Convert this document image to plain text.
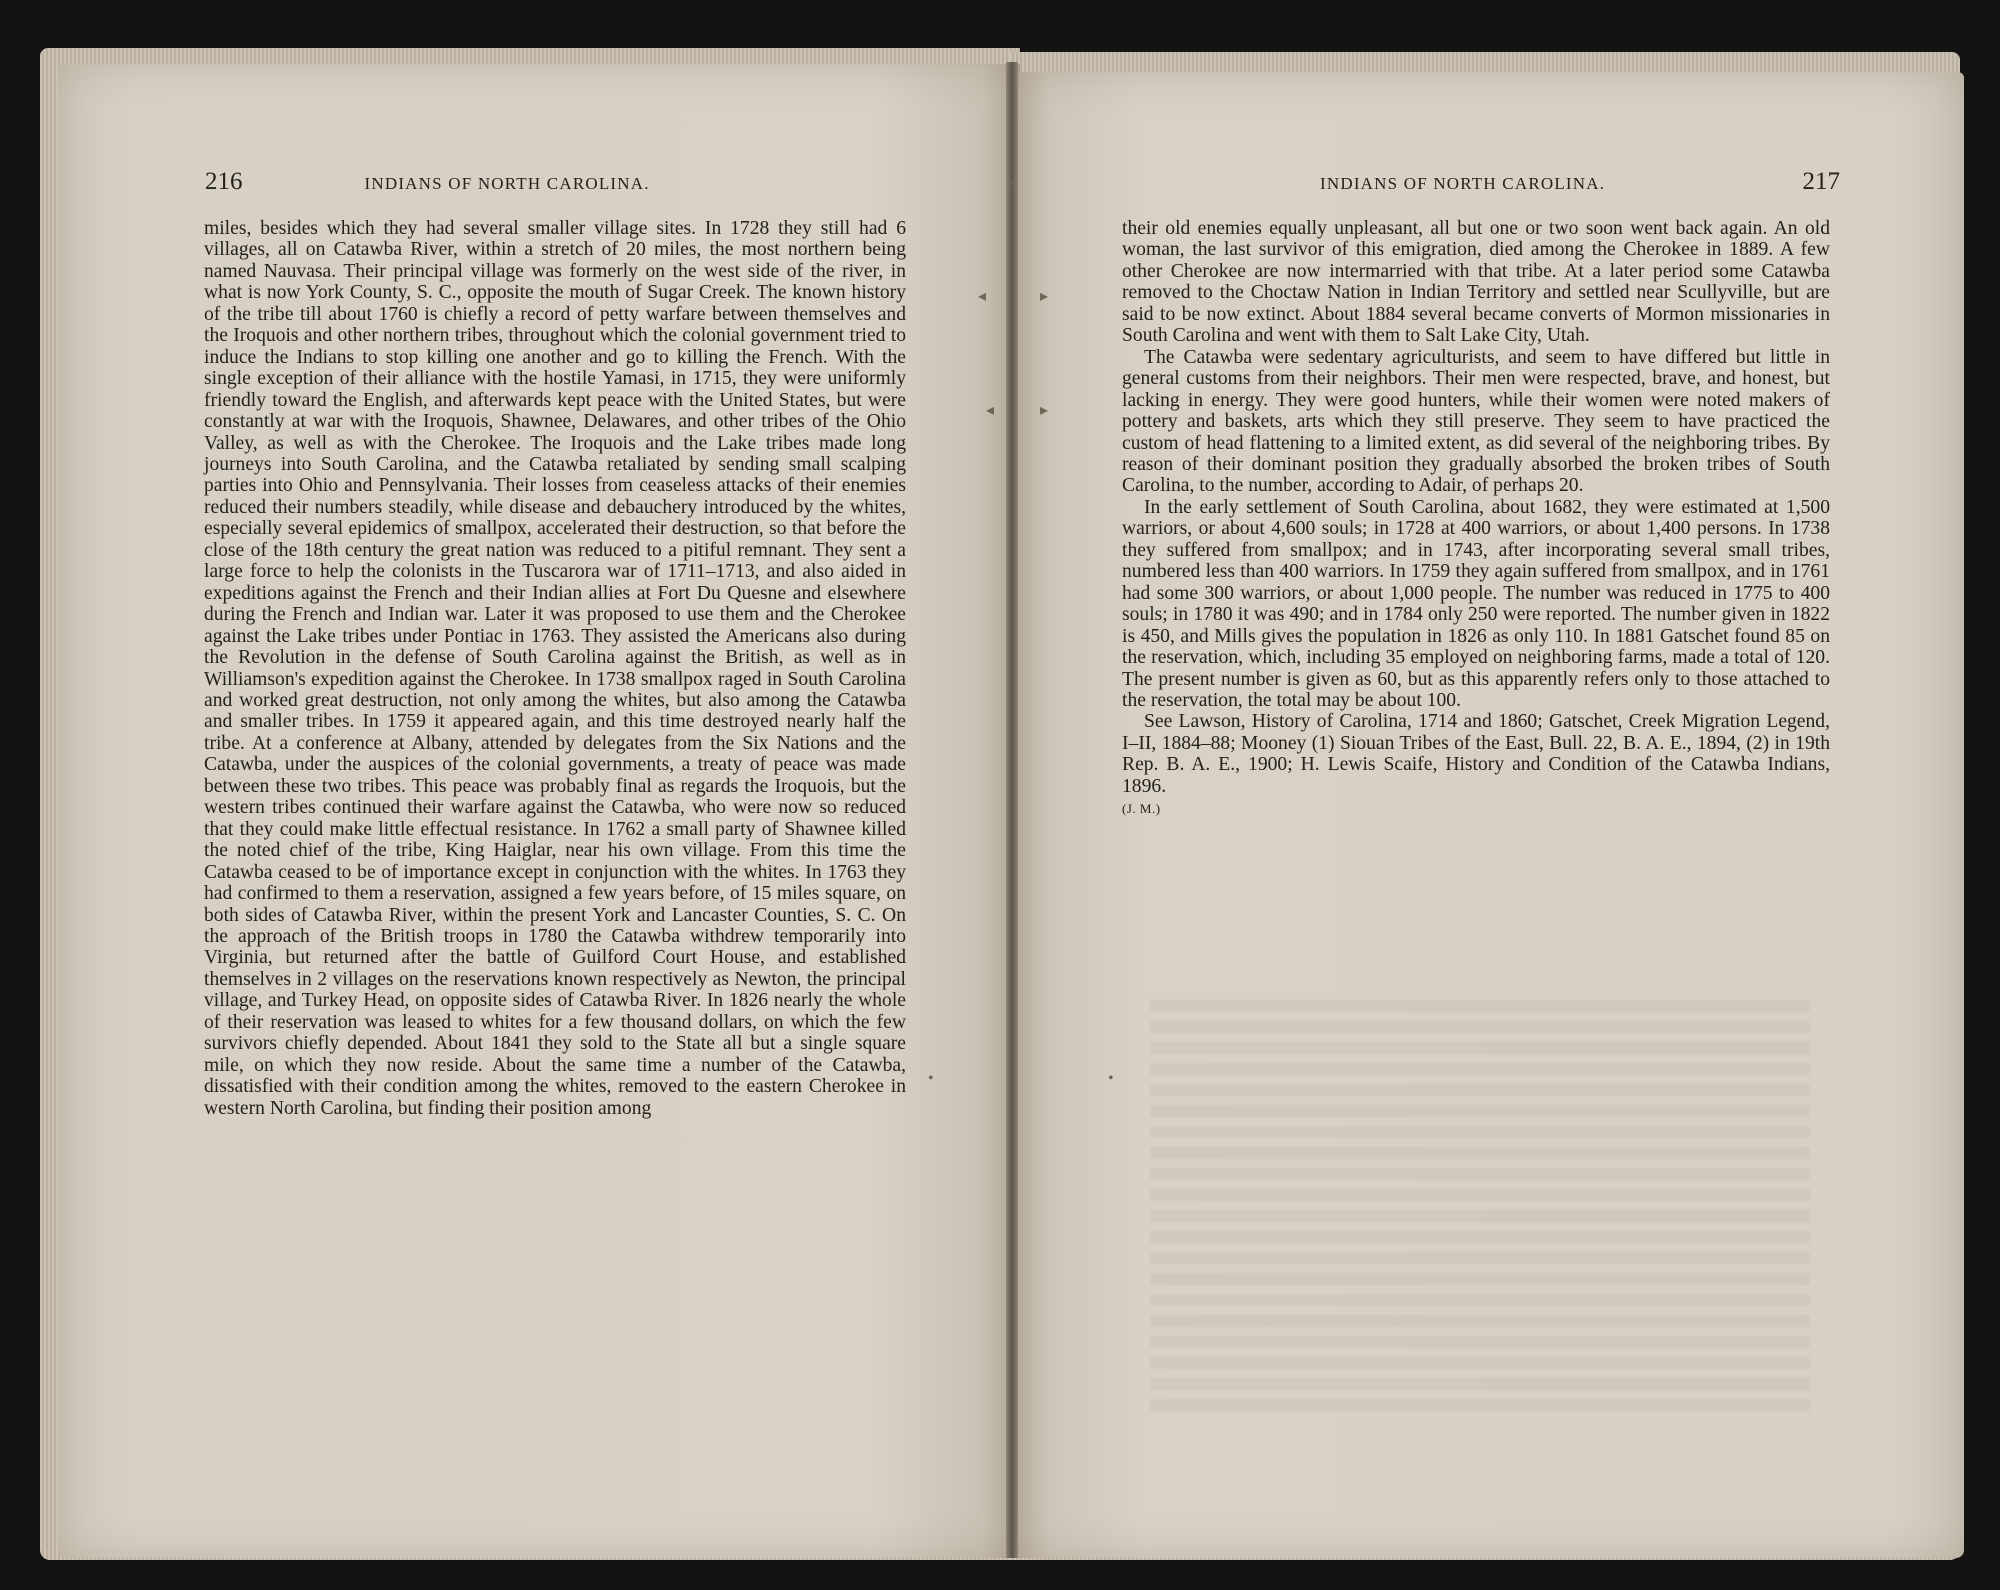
216	INDIANS OF NORTH CAROLINA.	INDIANS OF NORTH CAROLINA.	217

miles, besides which they had several smaller village sites. In 1728 they still had 6 villages, all on Catawba River, within a stretch of 20 miles, the most northern being named Nauvasa. Their principal village was formerly on the west side of the river, in what is now York County, S. C., opposite the mouth of Sugar Creek. The known history of the tribe till about 1760 is chiefly a record of petty warfare between themselves and the Iroquois and other northern tribes, throughout which the colonial government tried to induce the Indians to stop killing one another and go to killing the French. With the single exception of their alliance with the hostile Yamasi, in 1715, they were uniformly friendly toward the English, and afterwards kept peace with the United States, but were constantly at war with the Iroquois, Shawnee, Delawares, and other tribes of the Ohio Valley, as well as with the Cherokee. The Iroquois and the Lake tribes made long journeys into South Carolina, and the Catawba retaliated by sending small scalping parties into Ohio and Pennsylvania. Their losses from ceaseless attacks of their enemies reduced their numbers steadily, while disease and debauchery introduced by the whites, especially several epidemics of smallpox, accelerated their destruction, so that before the close of the 18th century the great nation was reduced to a pitiful remnant. They sent a large force to help the colonists in the Tuscarora war of 1711–1713, and also aided in expeditions against the French and their Indian allies at Fort Du Quesne and elsewhere during the French and Indian war. Later it was proposed to use them and the Cherokee against the Lake tribes under Pontiac in 1763. They assisted the Americans also during the Revolution in the defense of South Carolina against the British, as well as in Williamson's expedition against the Cherokee. In 1738 smallpox raged in South Carolina and worked great destruction, not only among the whites, but also among the Catawba and smaller tribes. In 1759 it appeared again, and this time destroyed nearly half the tribe. At a conference at Albany, attended by delegates from the Six Nations and the Catawba, under the auspices of the colonial governments, a treaty of peace was made between these two tribes. This peace was probably final as regards the Iroquois, but the western tribes continued their warfare against the Catawba, who were now so reduced that they could make little effectual resistance. In 1762 a small party of Shawnee killed the noted chief of the tribe, King Haiglar, near his own village. From this time the Catawba ceased to be of importance except in conjunction with the whites. In 1763 they had confirmed to them a reservation, assigned a few years before, of 15 miles square, on both sides of Catawba River, within the present York and Lancaster Counties, S. C. On the approach of the British troops in 1780 the Catawba withdrew temporarily into Virginia, but returned after the battle of Guilford Court House, and established themselves in 2 villages on the reservations known respectively as Newton, the principal village, and Turkey Head, on opposite sides of Catawba River. In 1826 nearly the whole of their reservation was leased to whites for a few thousand dollars, on which the few survivors chiefly depended. About 1841 they sold to the State all but a single square mile, on which they now reside. About the same time a number of the Catawba, dissatisfied with their condition among the whites, removed to the eastern Cherokee in western North Carolina, but finding their position among

their old enemies equally unpleasant, all but one or two soon went back again. An old woman, the last survivor of this emigration, died among the Cherokee in 1889. A few other Cherokee are now intermarried with that tribe. At a later period some Catawba removed to the Choctaw Nation in Indian Territory and settled near Scullyville, but are said to be now extinct. About 1884 several became converts of Mormon missionaries in South Carolina and went with them to Salt Lake City, Utah.

The Catawba were sedentary agriculturists, and seem to have differed but little in general customs from their neighbors. Their men were respected, brave, and honest, but lacking in energy. They were good hunters, while their women were noted makers of pottery and baskets, arts which they still preserve. They seem to have practiced the custom of head flattening to a limited extent, as did several of the neighboring tribes. By reason of their dominant position they gradually absorbed the broken tribes of South Carolina, to the number, according to Adair, of perhaps 20.

In the early settlement of South Carolina, about 1682, they were estimated at 1,500 warriors, or about 4,600 souls; in 1728 at 400 warriors, or about 1,400 persons. In 1738 they suffered from smallpox; and in 1743, after incorporating several small tribes, numbered less than 400 warriors. In 1759 they again suffered from smallpox, and in 1761 had some 300 warriors, or about 1,000 people. The number was reduced in 1775 to 400 souls; in 1780 it was 490; and in 1784 only 250 were reported. The number given in 1822 is 450, and Mills gives the population in 1826 as only 110. In 1881 Gatschet found 85 on the reservation, which, including 35 employed on neighboring farms, made a total of 120. The present number is given as 60, but as this apparently refers only to those attached to the reservation, the total may be about 100.

See Lawson, History of Carolina, 1714 and 1860; Gatschet, Creek Migration Legend, I–II, 1884–88; Mooney (1) Siouan Tribes of the East, Bull. 22, B. A. E., 1894, (2) in 19th Rep. B. A. E., 1900; H. Lewis Scaife, History and Condition of the Catawba Indians, 1896.

(J. M.)

•
◂	▸
◂	▸
•	•
